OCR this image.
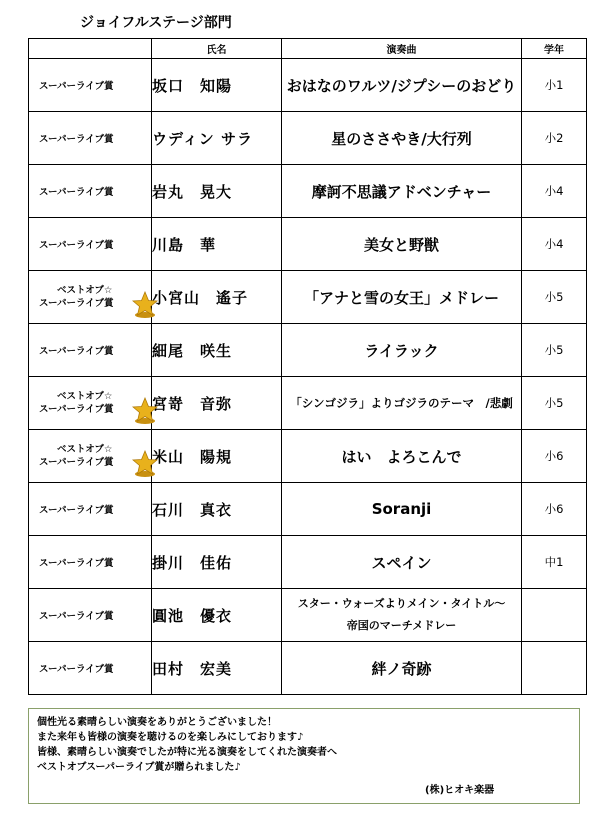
ジョイフルステージ部門
	氏名	演奏曲	学年

スーパーライブ賞	坂口　知陽	おはなのワルツ/ジプシーのおどり	小1

スーパーライブ賞	ウディン サラ	星のささやき/大行列	小2

スーパーライブ賞	岩丸　晃大	摩訶不思議アドベンチャー	小4

スーパーライブ賞	川島　華	美女と野獣	小4

ベストオブ☆
スーパーライブ賞	小宮山　遙子	「アナと雪の女王」メドレー	小5

スーパーライブ賞	細尾　咲生	ライラック	小5

ベストオブ☆
スーパーライブ賞	宮嵜　音弥	「シンゴジラ」よりゴジラのテーマ　/悲劇	小5

ベストオブ☆
スーパーライブ賞	米山　陽規	はい　よろこんで	小6

スーパーライブ賞	石川　真衣	Soranji	小6

スーパーライブ賞	掛川　佳佑	スペイン	中1

スーパーライブ賞	圓池　優衣	スター・ウォーズよりメイン・タイトル～
帝国のマーチメドレー	

スーパーライブ賞	田村　宏美	絆ノ奇跡	
個性光る素晴らしい演奏をありがとうございました！
また来年も皆様の演奏を聴けるのを楽しみにしております♪
皆様、素晴らしい演奏でしたが特に光る演奏をしてくれた演奏者へ
ベストオブスーパーライブ賞が贈られました♪
(株)ヒオキ楽器
